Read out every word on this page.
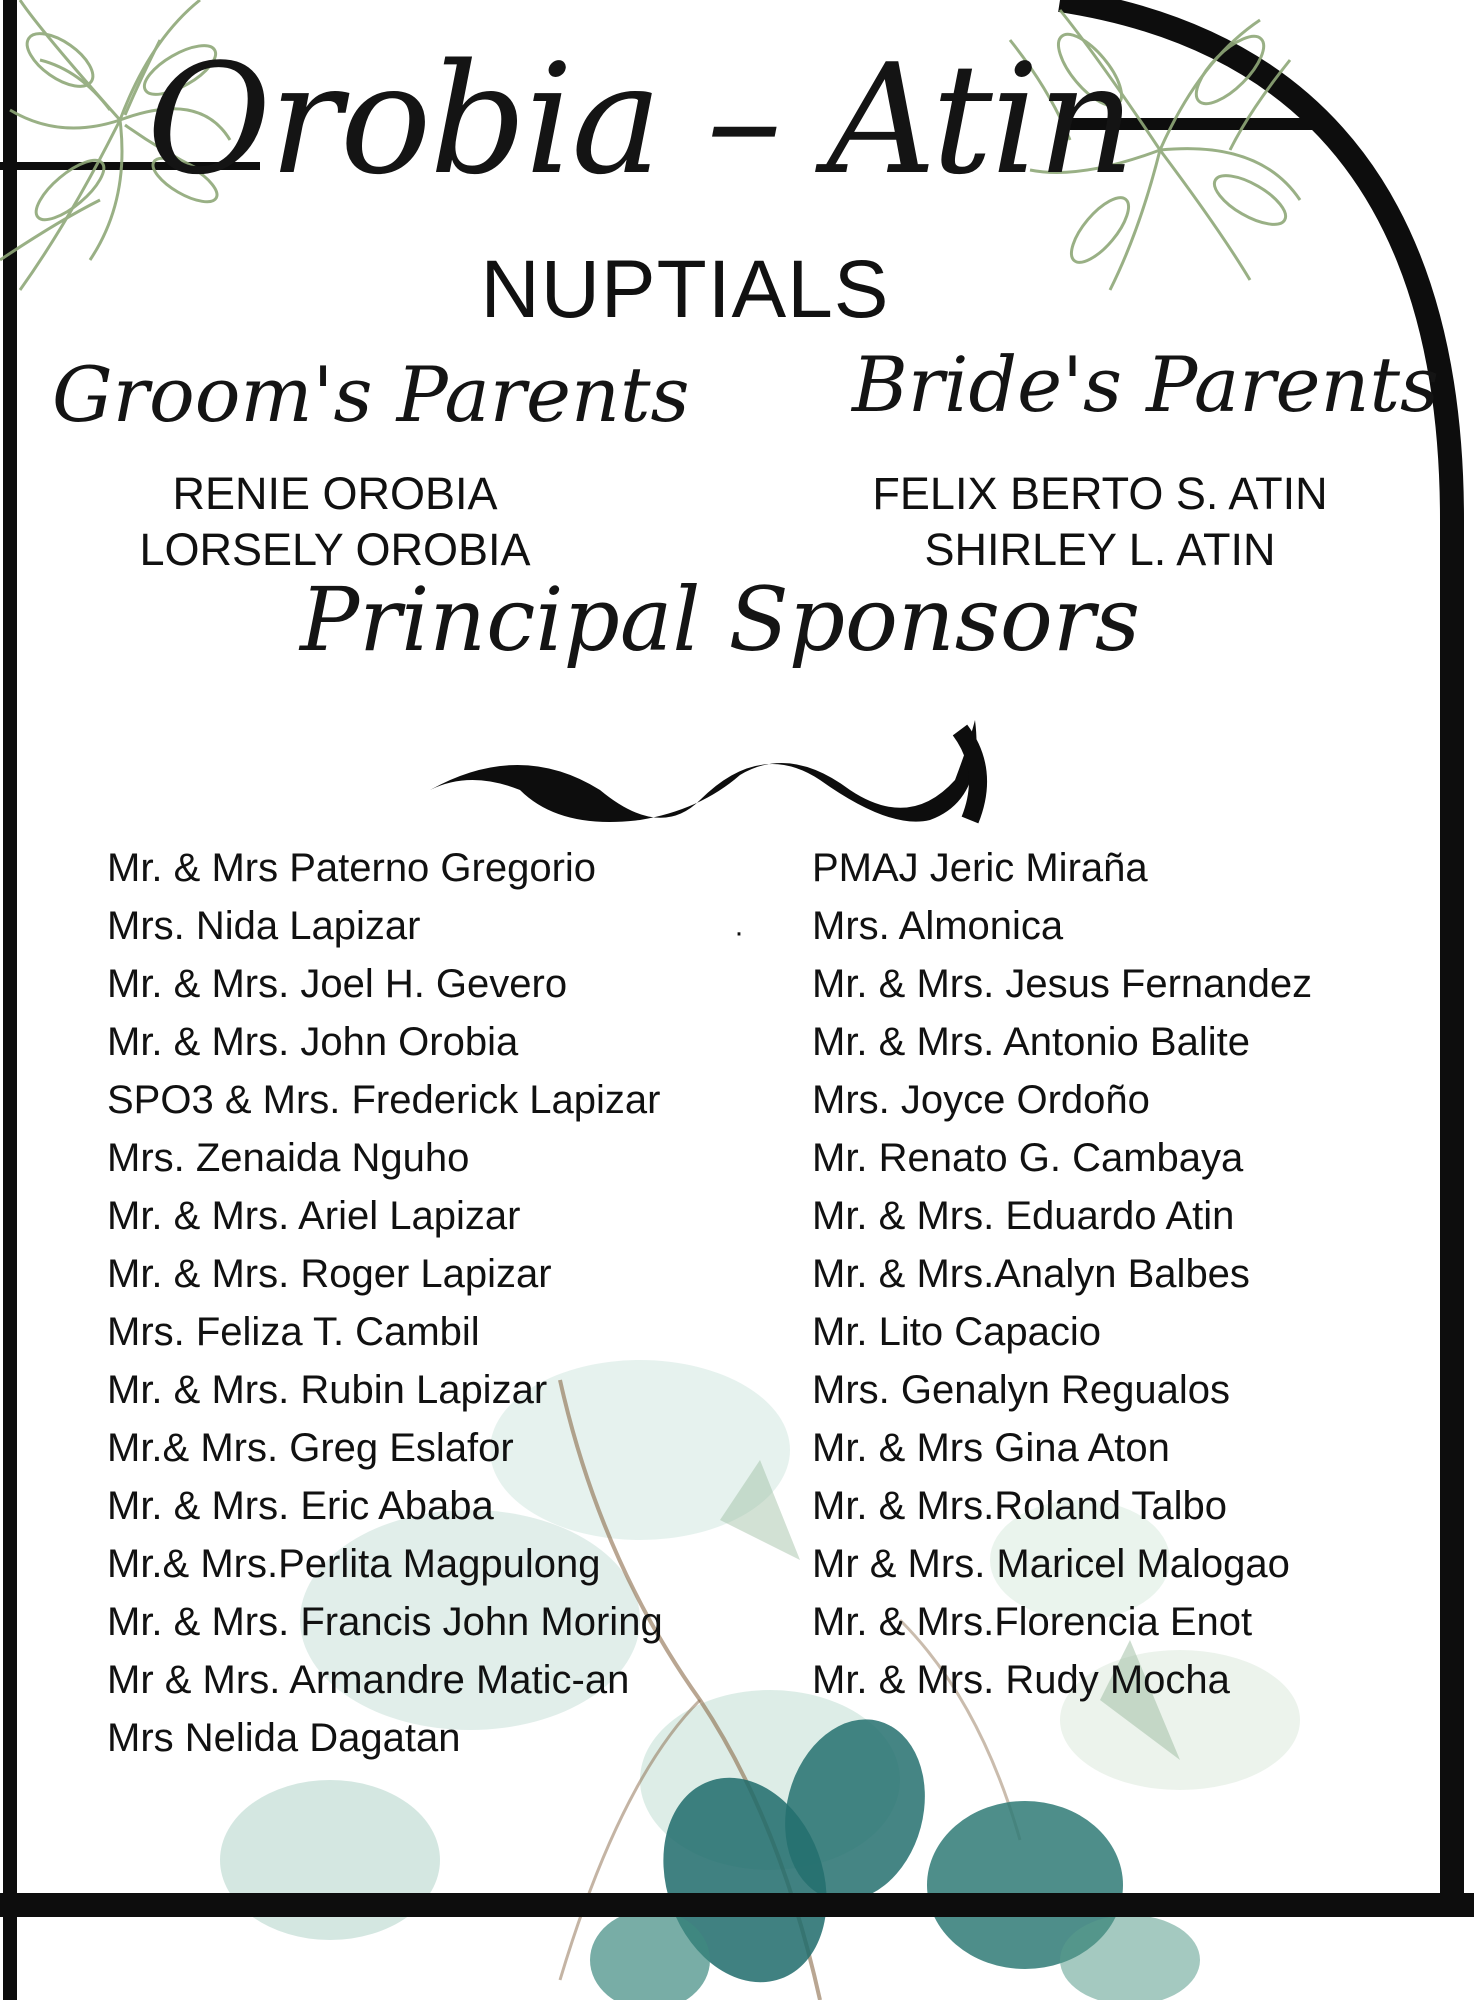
Orobia – Atin
NUPTIALS
Groom's Parents Bride's Parents
RENIE OROBIA
LORSELY OROBIA
FELIX BERTO S. ATIN
SHIRLEY L. ATIN
Principal Sponsors
·
Mr. & Mrs Paterno Gregorio
Mrs. Nida Lapizar
Mr. & Mrs. Joel H. Gevero
Mr. & Mrs. John Orobia
SPO3 & Mrs. Frederick Lapizar
Mrs. Zenaida Nguho
Mr. & Mrs. Ariel Lapizar
Mr. & Mrs. Roger Lapizar
Mrs. Feliza T. Cambil
Mr. & Mrs. Rubin Lapizar
Mr.& Mrs. Greg Eslafor
Mr. & Mrs. Eric Ababa
Mr.& Mrs.Perlita Magpulong
Mr. & Mrs. Francis John Moring
Mr & Mrs. Armandre Matic-an
Mrs Nelida Dagatan
PMAJ Jeric Miraña
Mrs. Almonica
Mr. & Mrs. Jesus Fernandez
Mr. & Mrs. Antonio Balite
Mrs. Joyce Ordoño
Mr. Renato G. Cambaya
Mr. & Mrs. Eduardo Atin
Mr. & Mrs.Analyn Balbes
Mr. Lito Capacio
Mrs. Genalyn Regualos
Mr. & Mrs Gina Aton
Mr. & Mrs.Roland Talbo
Mr & Mrs. Maricel Malogao
Mr. & Mrs.Florencia Enot
Mr. & Mrs. Rudy Mocha
